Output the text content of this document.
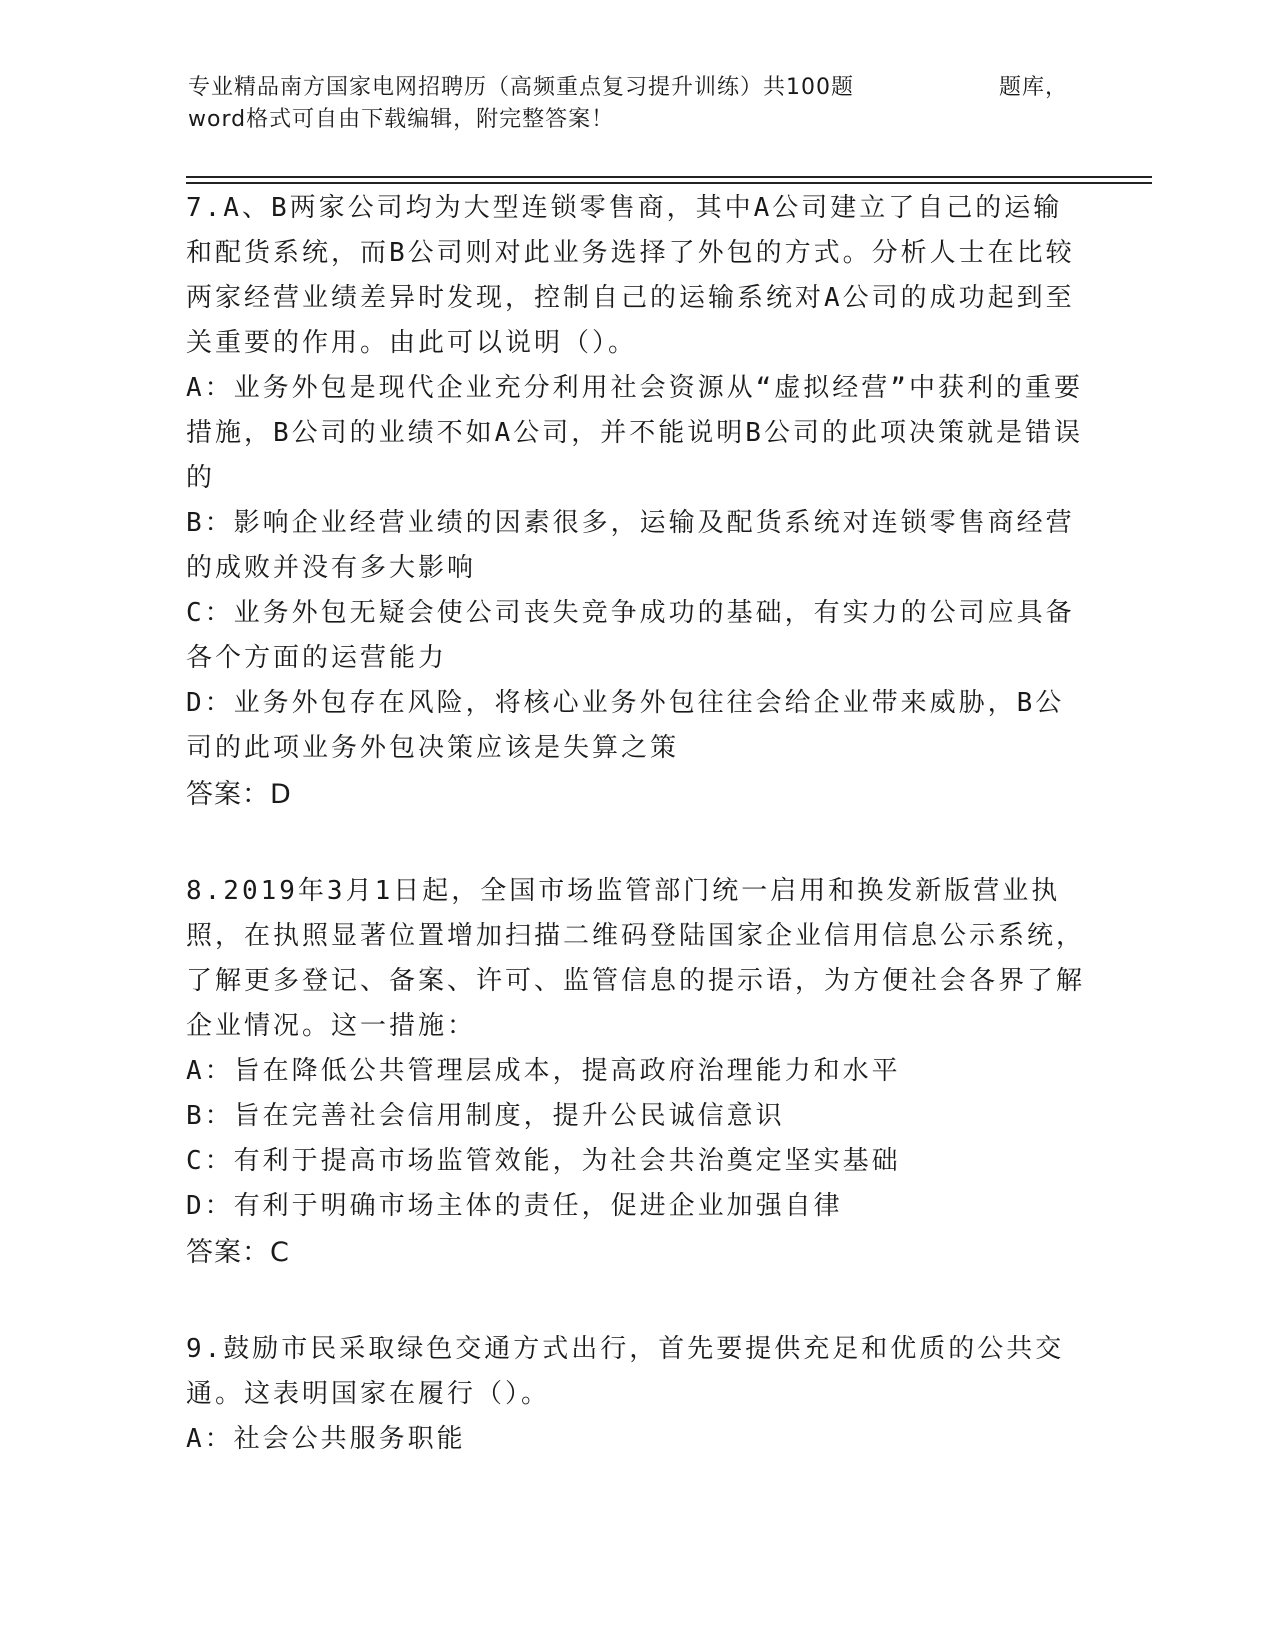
专业精品南方国家电网招聘历（高频重点复习提升训练）共100题	题库，
word格式可自由下载编辑，附完整答案！

7.A、B两家公司均为大型连锁零售商，其中A公司建立了自己的运输和配货系统，而B公司则对此业务选择了外包的方式。分析人士在比较两家经营业绩差异时发现，控制自己的运输系统对A公司的成功起到至关重要的作用。由此可以说明（）。

A：业务外包是现代企业充分利用社会资源从“虚拟经营”中获利的重要措施，B公司的业绩不如A公司，并不能说明B公司的此项决策就是错误的

B：影响企业经营业绩的因素很多，运输及配货系统对连锁零售商经营的成败并没有多大影响

C：业务外包无疑会使公司丧失竞争成功的基础，有实力的公司应具备各个方面的运营能力

D：业务外包存在风险，将核心业务外包往往会给企业带来威胁，B公司的此项业务外包决策应该是失算之策

答案：D

8.2019年3月1日起，全国市场监管部门统一启用和换发新版营业执照，在执照显著位置增加扫描二维码登陆国家企业信用信息公示系统，了解更多登记、备案、许可、监管信息的提示语，为方便社会各界了解企业情况。这一措施：

A：旨在降低公共管理层成本，提高政府治理能力和水平

B：旨在完善社会信用制度，提升公民诚信意识

C：有利于提高市场监管效能，为社会共治奠定坚实基础

D：有利于明确市场主体的责任，促进企业加强自律

答案：C

9.鼓励市民采取绿色交通方式出行，首先要提供充足和优质的公共交通。这表明国家在履行（）。

A：社会公共服务职能
